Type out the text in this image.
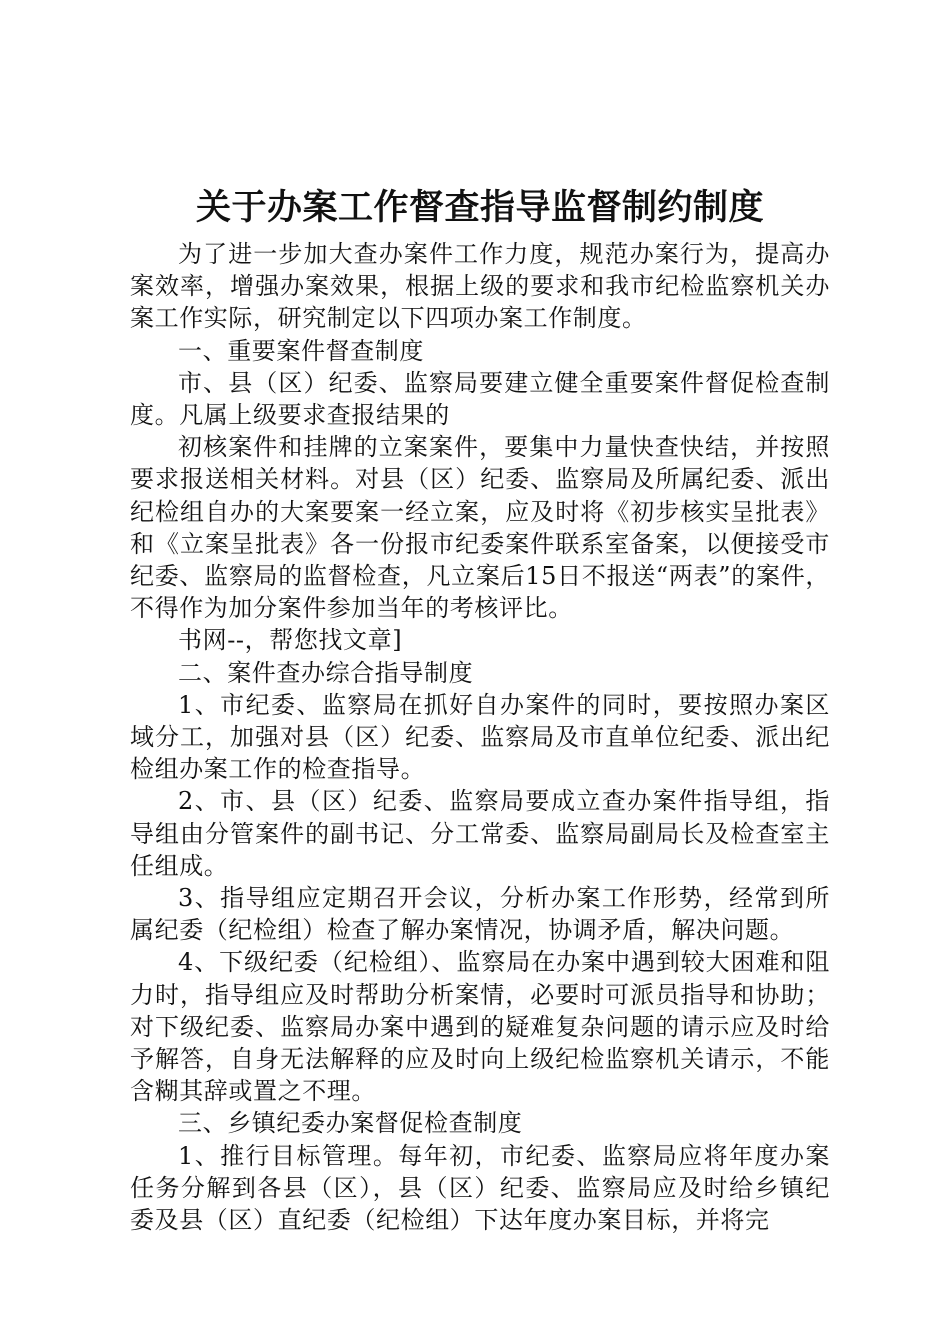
关于办案工作督查指导监督制约制度

为了进一步加大查办案件工作力度，规范办案行为，提高办案效率，增强办案效果，根据上级的要求和我市纪检监察机关办案工作实际，研究制定以下四项办案工作制度。

一、重要案件督查制度

市、县（区）纪委、监察局要建立健全重要案件督促检查制度。凡属上级要求查报结果的

初核案件和挂牌的立案案件，要集中力量快查快结，并按照要求报送相关材料。对县（区）纪委、监察局及所属纪委、派出纪检组自办的大案要案一经立案，应及时将《初步核实呈批表》和《立案呈批表》各一份报市纪委案件联系室备案，以便接受市纪委、监察局的监督检查，凡立案后15日不报送“两表”的案件，不得作为加分案件参加当年的考核评比。

书网--，帮您找文章]

二、案件查办综合指导制度

1、市纪委、监察局在抓好自办案件的同时，要按照办案区域分工，加强对县（区）纪委、监察局及市直单位纪委、派出纪检组办案工作的检查指导。

2、市、县（区）纪委、监察局要成立查办案件指导组，指导组由分管案件的副书记、分工常委、监察局副局长及检查室主任组成。

3、指导组应定期召开会议，分析办案工作形势，经常到所属纪委（纪检组）检查了解办案情况，协调矛盾，解决问题。

4、下级纪委（纪检组）、监察局在办案中遇到较大困难和阻力时，指导组应及时帮助分析案情，必要时可派员指导和协助；对下级纪委、监察局办案中遇到的疑难复杂问题的请示应及时给予解答，自身无法解释的应及时向上级纪检监察机关请示，不能含糊其辞或置之不理。

三、乡镇纪委办案督促检查制度

1、推行目标管理。每年初，市纪委、监察局应将年度办案任务分解到各县（区），县（区）纪委、监察局应及时给乡镇纪委及县（区）直纪委（纪检组）下达年度办案目标，并将完
